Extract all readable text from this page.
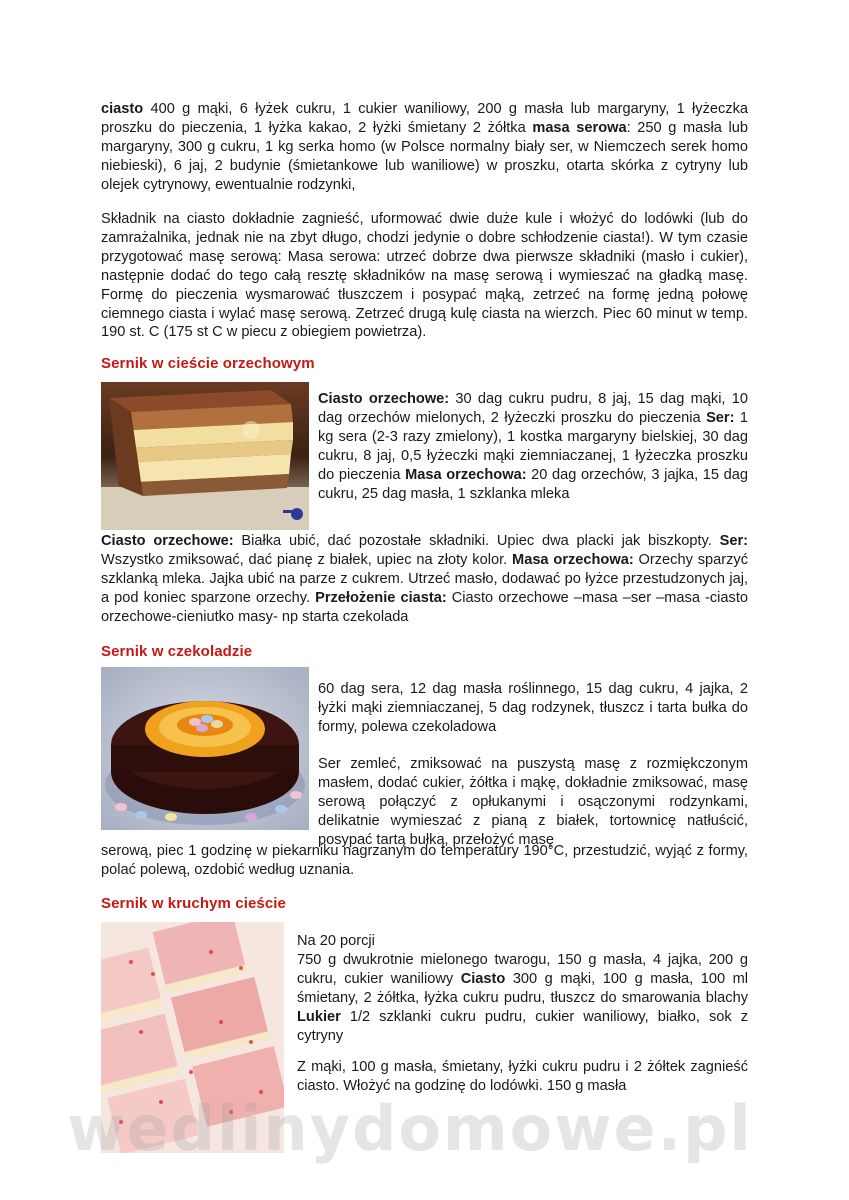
ciasto 400 g mąki, 6 łyżek cukru, 1 cukier waniliowy, 200 g masła lub margaryny, 1 łyżeczka proszku do pieczenia, 1 łyżka kakao, 2 łyżki śmietany 2 żółtka masa serowa: 250 g masła lub margaryny, 300 g cukru, 1 kg serka homo (w Polsce normalny biały ser, w Niemczech serek homo niebieski), 6 jaj, 2 budynie (śmietankowe lub waniliowe) w proszku, otarta skórka z cytryny lub olejek cytrynowy, ewentualnie rodzynki,

Składnik na ciasto dokładnie zagnieść, uformować dwie duże kule i włożyć do lodówki (lub do zamrażalnika, jednak nie na zbyt długo, chodzi jedynie o dobre schłodzenie ciasta!). W tym czasie przygotować masę serową: Masa serowa: utrzeć dobrze dwa pierwsze składniki (masło i cukier), następnie dodać do tego całą resztę składników na masę serową i wymieszać na gładką masę. Formę do pieczenia wysmarować tłuszczem i posypać mąką, zetrzeć na formę jedną połowę ciemnego ciasta i wylać masę serową. Zetrzeć drugą kulę ciasta na wierzch. Piec 60 minut w temp. 190 st. C (175 st C w piecu z obiegiem powietrza).

Sernik w cieście orzechowym

Ciasto orzechowe: 30 dag cukru pudru, 8 jaj, 15 dag mąki, 10 dag orzechów mielonych, 2 łyżeczki proszku do pieczenia Ser: 1 kg sera (2-3 razy zmielony), 1 kostka margaryny bielskiej, 30 dag cukru, 8 jaj, 0,5 łyżeczki mąki ziemniaczanej, 1 łyżeczka proszku do pieczenia Masa orzechowa: 20 dag orzechów, 3 jajka, 15 dag cukru, 25 dag masła, 1 szklanka mleka

Ciasto orzechowe: Białka ubić, dać pozostałe składniki. Upiec dwa placki jak biszkopty. Ser: Wszystko zmiksować, dać pianę z białek, upiec na złoty kolor. Masa orzechowa: Orzechy sparzyć szklanką mleka. Jajka ubić na parze z cukrem. Utrzeć masło, dodawać po łyżce przestudzonych jaj, a pod koniec sparzone orzechy. Przełożenie ciasta: Ciasto orzechowe –masa –ser –masa -ciasto orzechowe-cieniutko masy- np starta czekolada

Sernik w czekoladzie

60 dag sera, 12 dag masła roślinnego, 15 dag cukru, 4 jajka, 2 łyżki mąki ziemniaczanej, 5 dag rodzynek, tłuszcz i tarta bułka do formy, polewa czekoladowa

Ser zemleć, zmiksować na puszystą masę z rozmiękczonym masłem, dodać cukier, żółtka i mąkę, dokładnie zmiksować, masę serową połączyć z opłukanymi i osączonymi rodzynkami, delikatnie wymieszać z pianą z białek, tortownicę natłuścić, posypać tartą bułką, przełożyć masę

serową, piec 1 godzinę w piekarniku nagrzanym do temperatury 190°C, przestudzić, wyjąć z formy, polać polewą, ozdobić według uznania.

Sernik w kruchym cieście

Na 20 porcji

750 g dwukrotnie mielonego twarogu, 150 g masła, 4 jajka, 200 g cukru, cukier waniliowy Ciasto 300 g mąki, 100 g masła, 100 ml śmietany, 2 żółtka, łyżka cukru pudru, tłuszcz do smarowania blachy Lukier 1/2 szklanki cukru pudru, cukier waniliowy, białko, sok z cytryny

Z mąki, 100 g masła, śmietany, łyżki cukru pudru i 2 żółtek zagnieść ciasto. Włożyć na godzinę do lodówki. 150 g masła

wedlinydomowe.pl
